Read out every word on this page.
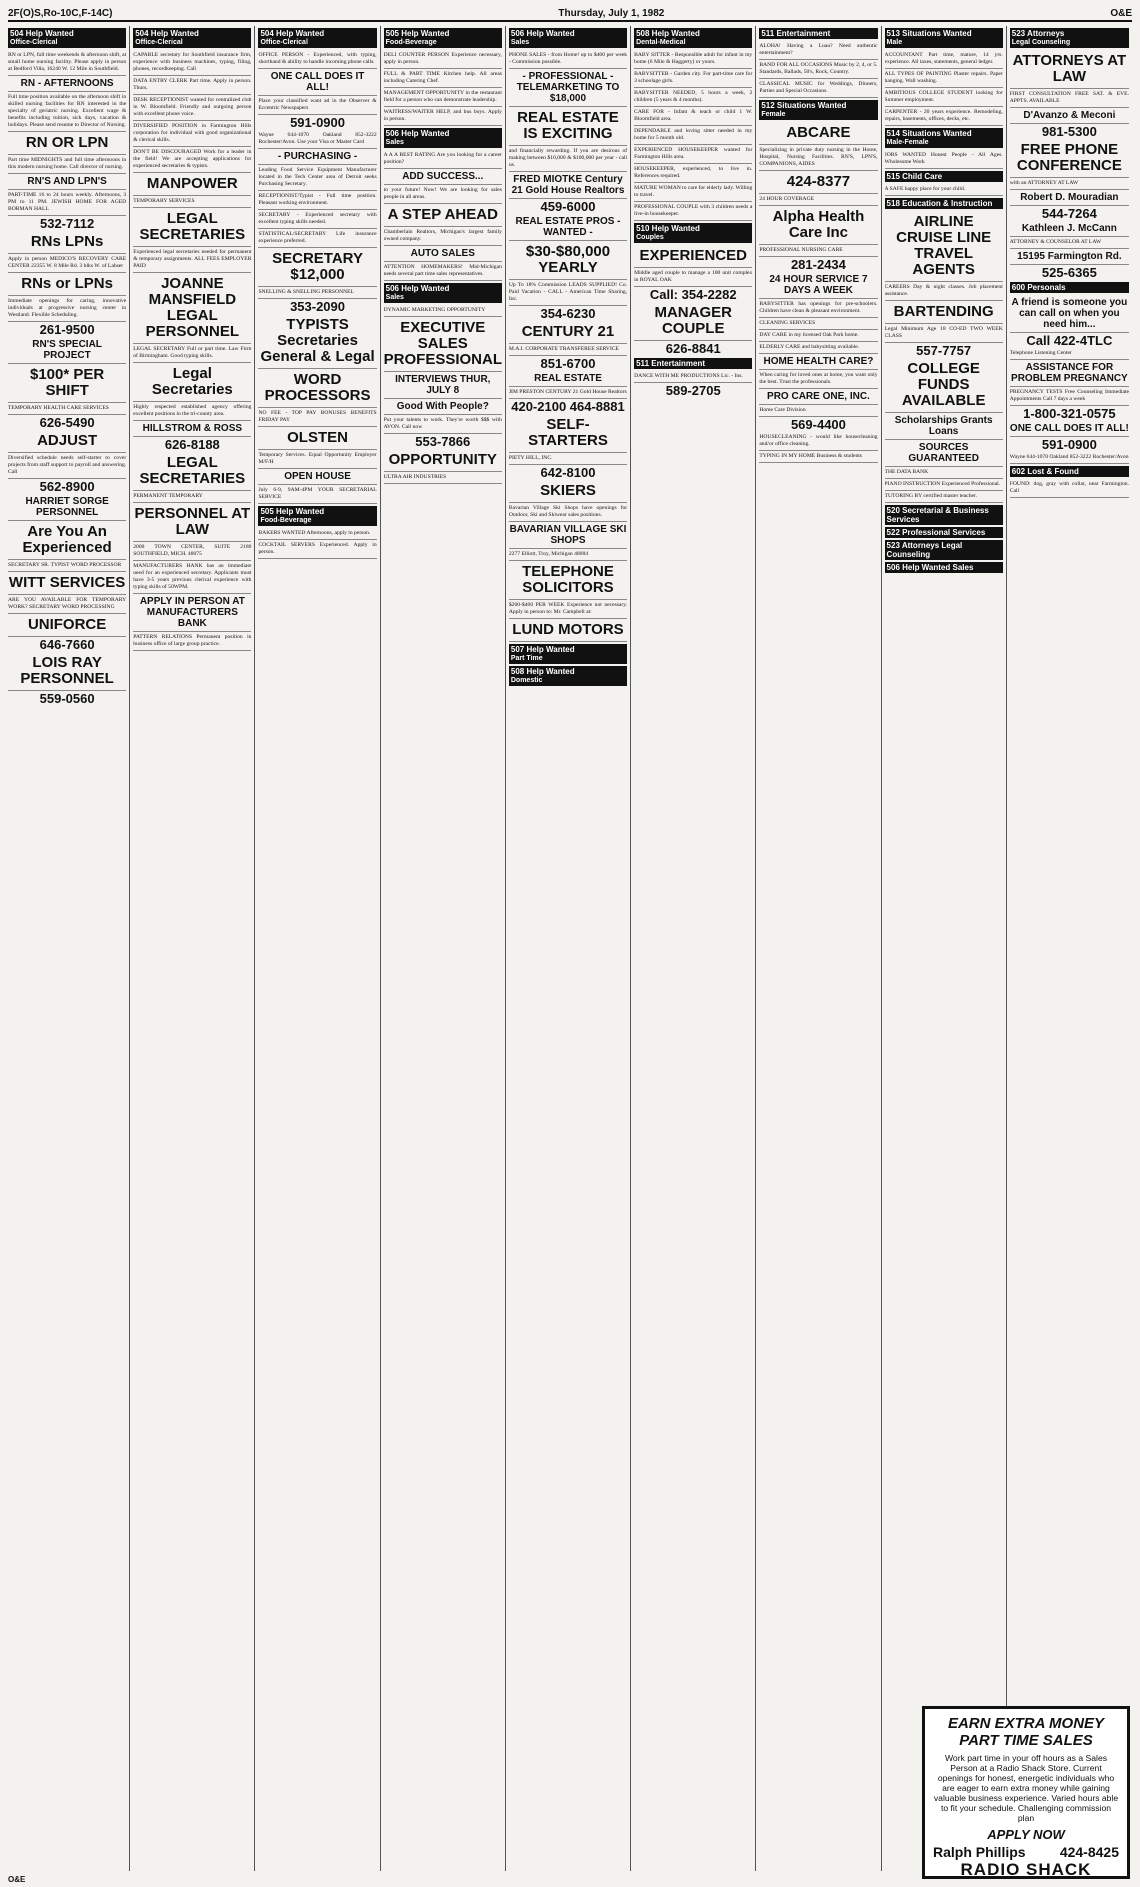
2F(O)S,Ro-10C,F-14C)	Thursday, July 1, 1982	O&E
504 Help Wanted
Office-Clerical
RN or LPN, full time weekends & afternoon shift, at small home nursing facility. Please apply in person at Bedford Villa, 16240 W. 12 Mile in Southfield.
RN - AFTERNOONS
Full time position available on the afternoon shift in skilled nursing facilities for RN interested in the specialty of geriatric nursing. Excellent wage & benefits including tuition, sick days, vacation & holidays. Please send resume to Director of Nursing.
RN OR LPN
Part time MIDNIGHTS and full time afternoons in this modern nursing home. Call director of nursing.
RN'S AND LPN'S
PART-TIME 16 to 24 hours weekly. Afternoons, 3 PM to 11 PM. JEWISH HOME FOR AGED BORMAN HALL
532-7112
RNs LPNs
Apply in person MEDICO'S RECOVERY CARE CENTER 22355 W. 8 Mile Rd. 3 blks W. of Lahser
RNs or LPNs
Immediate openings for caring, innovative individuals at progressive nursing center in Westland. Flexible Scheduling.
261-9500
RN'S SPECIAL PROJECT
$100* PER SHIFT
TEMPORARY HEALTH CARE SERVICES
626-5490
ADJUST
Diversified schedule needs self-starter to cover projects from staff support to payroll and answering. Call
562-8900
HARRIET SORGE PERSONNEL
Are You An Experienced
SECRETARY SR. TYPIST WORD PROCESSOR
WITT SERVICES
ARE YOU AVAILABLE FOR TEMPORARY WORK? SECRETARY WORD PROCESSING
UNIFORCE
646-7660
LOIS RAY PERSONNEL
559-0560
504 Help Wanted
Office-Clerical
CAPABLE secretary for Southfield insurance firm, experience with business machines, typing, filing, phones, recordkeeping. Call
DATA ENTRY CLERK Part time. Apply in person. Thurs.
DESK RECEPTIONIST wanted for centralized club in W. Bloomfield. Friendly and outgoing person with excellent phone voice.
DIVERSIFIED POSITION in Farmington Hills corporation for individual with good organizational & clerical skills.
DON'T BE DISCOURAGED Work for a leader in the field! We are accepting applications for experienced secretaries & typists.
MANPOWER
TEMPORARY SERVICES
LEGAL SECRETARIES
Experienced legal secretaries needed for permanent & temporary assignments. ALL FEES EMPLOYER PAID
JOANNE MANSFIELD LEGAL PERSONNEL
LEGAL SECRETARY Full or part time. Law Firm of Birmingham. Good typing skills.
Legal Secretaries
Highly respected established agency offering excellent positions in the tri-county area.
HILLSTROM & ROSS
626-8188
LEGAL SECRETARIES
PERMANENT TEMPORARY
PERSONNEL AT LAW
2000 TOWN CENTER, SUITE 2180 SOUTHFIELD, MICH. 48075
MANUFACTURERS HANK has an immediate need for an experienced secretary. Applicants must have 3-5 years previous clerical experience with typing skills of 50WPM.
APPLY IN PERSON AT MANUFACTURERS BANK
PATTERN RELATIONS Permanent position in business office of large group practice.
504 Help Wanted
Office-Clerical
OFFICE PERSON - Experienced, with typing, shorthand & ability to handle incoming phone calls.
ONE CALL DOES IT ALL!
Place your classified want ad in the Observer & Eccentric Newspapers
591-0900
Wayne 644-1070 Oakland 852-3222 Rochester/Avon. Use your Visa or Master Card
- PURCHASING -
Leading Food Service Equipment Manufacturer located in the Tech Center area of Detroit seeks Purchasing Secretary.
RECEPTIONIST/Typist - Full time position. Pleasant working environment.
SECRETARY - Experienced secretary with excellent typing skills needed.
STATISTICAL/SECRETARY Life insurance experience preferred.
SECRETARY $12,000
SNELLING & SNELLING PERSONNEL
353-2090
TYPISTS Secretaries General & Legal
WORD PROCESSORS
NO FEE - TOP PAY BONUSES BENEFITS FRIDAY PAY
OLSTEN
Temporary Services. Equal Opportunity Employer M/F/H
OPEN HOUSE
July 6-9, 9AM-4PM YOUR SECRETARIAL SERVICE
505 Help Wanted
Food-Beverage
BAKERS WANTED Afternoons, apply in person.
COCKTAIL SERVERS Experienced. Apply in person.
505 Help Wanted
Food-Beverage
DELI COUNTER PERSON Experience necessary, apply in person.
FULL & PART TIME Kitchen help. All areas including Catering Chef.
MANAGEMENT OPPORTUNITY in the restaurant field for a person who can demonstrate leadership.
WAITRESS/WAITER HELP, and bus boys. Apply in person.
506 Help Wanted
Sales
A A A BEST RATING Are you looking for a career position?
ADD SUCCESS...
to your future! Now! We are looking for sales people in all areas.
A STEP AHEAD
Chamberlain Realtors, Michigan's largest family owned company.
AUTO SALES
ATTENTION HOMEMAKERS! Mid-Michigan needs several part time sales representatives.
506 Help Wanted
Sales
DYNAMIC MARKETING OPPORTUNITY
EXECUTIVE SALES PROFESSIONAL
INTERVIEWS THUR, JULY 8
Good With People?
Put your talents to work. They're worth $$$ with AVON. Call now
553-7866
OPPORTUNITY
ULTRA AIR INDUSTRIES
506 Help Wanted
Sales
PHONE SALES - from Home! up to $400 per week - Commission possible.
- PROFESSIONAL - TELEMARKETING TO $18,000
REAL ESTATE IS EXCITING
and financially rewarding. If you are desirous of making between $10,000 & $100,000 per year - call us.
FRED MIOTKE Century 21 Gold House Realtors
459-6000
REAL ESTATE PROS - WANTED -
$30-$80,000 YEARLY
Up To 18% Commission LEADS SUPPLIED! Co. Paid Vacation - CALL - American Time Sharing, Inc.
354-6230
CENTURY 21
M.A.I. CORPORATE TRANSFEREE SERVICE
851-6700
REAL ESTATE
JIM PRESTON CENTURY 21 Gold House Realtors
420-2100 464-8881
SELF-STARTERS
PIETY HILL, INC.
642-8100
SKIERS
Bavarian Village Ski Shops have openings for Outdoor, Ski and Skiwear sales positions.
BAVARIAN VILLAGE SKI SHOPS
2277 Elliott, Troy, Michigan 48084
TELEPHONE SOLICITORS
$200-$400 PER WEEK Experience not necessary. Apply in person to: Mr. Campbell at:
LUND MOTORS
507 Help Wanted
Part Time
508 Help Wanted
Domestic
508 Help Wanted
Dental-Medical
BABY SITTER - Responsible adult for infant in my home (6 Mile & Haggerty) or yours.
BABYSITTER - Garden city. For part-time care for 3 schoolage girls.
BABYSITTER NEEDED, 5 hours a week, 2 children (5 years & 4 months).
CARE FOR - Infant & teach or child 1 W. Bloomfield area.
DEPENDABLE and loving sitter needed in my home for 5 month old.
EXPERIENCED HOUSEKEEPER wanted for Farmington Hills area.
HOUSEKEEPER, experienced, to live in. References required.
MATURE WOMAN to care for elderly lady. Willing to travel.
PROFESSIONAL COUPLE with 3 children needs a live-in housekeeper.
510 Help Wanted
Couples
EXPERIENCED
Middle aged couple to manage a 100 unit complex in ROYAL OAK
Call: 354-2282
MANAGER COUPLE
626-8841
511 Entertainment
DANCE WITH ME PRODUCTIONS Lic. - Ins.
589-2705
511 Entertainment
ALOHA! Having a Luau? Need authentic entertainment?
BAND FOR ALL OCCASIONS Music by 2, 4, or 5. Standards, Ballads, 50's, Rock, Country.
CLASSICAL MUSIC for Weddings, Dinners, Parties and Special Occasions.
512 Situations Wanted
Female
ABCARE
Specializing in private duty nursing in the Home, Hospital, Nursing Facilities. RN'S, LPN'S, COMPANIONS, AIDES
424-8377
24 HOUR COVERAGE
Alpha Health Care Inc
PROFESSIONAL NURSING CARE
281-2434
24 HOUR SERVICE 7 DAYS A WEEK
BABYSITTER has openings for pre-schoolers. Children have clean & pleasant environment.
CLEANING SERVICES
DAY CARE in my licensed Oak Park home.
ELDERLY CARE and babysitting available.
HOME HEALTH CARE?
When caring for loved ones at home, you want only the best. Trust the professionals.
PRO CARE ONE, INC.
Home Care Division
569-4400
HOUSECLEANING - would like housecleaning and/or office cleaning.
TYPING IN MY HOME Business & students
513 Situations Wanted
Male
ACCOUNTANT Part time, mature, 14 yrs. experience. All taxes, statements, general ledger.
ALL TYPES OF PAINTING Plaster repairs. Paper hanging. Wall washing.
AMBITIOUS COLLEGE STUDENT looking for Summer employment.
CARPENTER - 20 years experience. Remodeling, repairs, basements, offices, decks, etc.
514 Situations Wanted
Male-Female
JOBS WANTED Honest People - All Ages. Wholesome Work
515 Child Care
A SAFE happy place for your child.
518 Education & Instruction
AIRLINE CRUISE LINE TRAVEL AGENTS
CAREERS Day & night classes. Job placement assistance.
BARTENDING
Legal Minimum Age 18 CO-ED TWO WEEK CLASS
557-7757
COLLEGE FUNDS AVAILABLE
Scholarships Grants Loans
SOURCES GUARANTEED
THE DATA BANK
PIANO INSTRUCTION Experienced Professional.
TUTORING BY certified master teacher.
520 Secretarial & Business Services
522 Professional Services
523 Attorneys Legal Counseling
506 Help Wanted Sales
523 Attorneys
Legal Counseling
ATTORNEYS AT LAW
FIRST CONSULTATION FREE SAT. & EVE. APPTS. AVAILABLE
D'Avanzo & Meconi
981-5300
FREE PHONE CONFERENCE
with an ATTORNEY AT LAW
Robert D. Mouradian
544-7264
Kathleen J. McCann
ATTORNEY & COUNSELOR AT LAW
15195 Farmington Rd.
525-6365
600 Personals
A friend is someone you can call on when you need him...
Call 422-4TLC
Telephone Listening Center
ASSISTANCE FOR PROBLEM PREGNANCY
PREGNANCY TESTS Free Counseling Immediate Appointments Call 7 days a week
1-800-321-0575
ONE CALL DOES IT ALL!
591-0900
Wayne 644-1070 Oakland 852-3222 Rochester/Avon
602 Lost & Found
FOUND: dog, gray with collar, near Farmington. Call
EARN EXTRA MONEY PART TIME SALES
Work part time in your off hours as a Sales Person at a Radio Shack Store. Current openings for honest, energetic individuals who are eager to earn extra money while gaining valuable business experience. Varied hours able to fit your schedule. Challenging commission plan
APPLY NOW
Ralph Phillips 424-8425
RADIO SHACK
O&E
